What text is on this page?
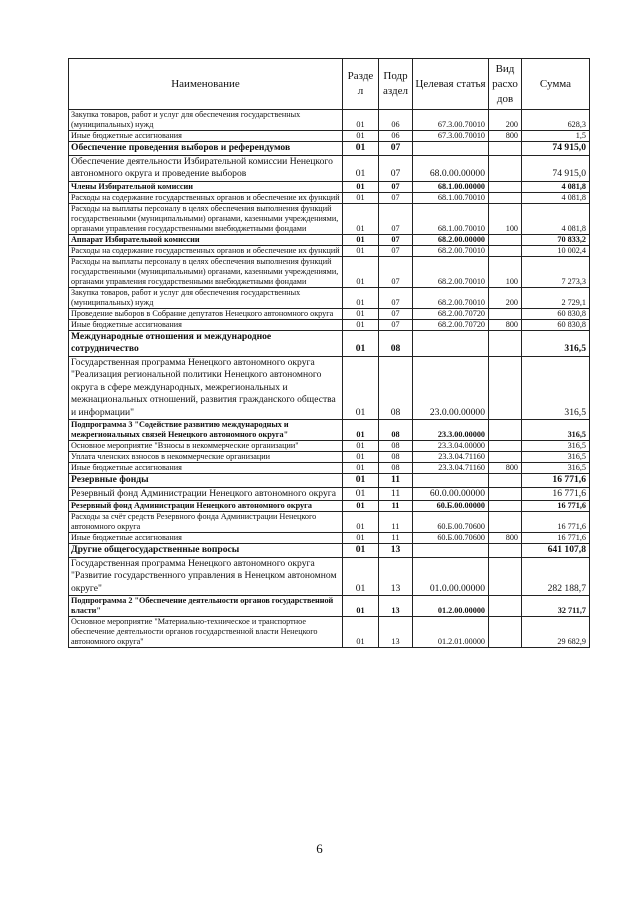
Наименование	Разде л	Подр аздел	Целевая статья	Вид расхо дов	Сумма
Закупка товаров, работ и услуг для обеспечения государственных (муниципальных) нужд	01	06	67.3.00.70010	200	628,3
Иные бюджетные ассигнования	01	06	67.3.00.70010	800	1,5
Обеспечение проведения выборов и референдумов	01	07			74 915,0
Обеспечение деятельности Избирательной комиссии Ненецкого автономного округа и проведение выборов	01	07	68.0.00.00000		74 915,0
Члены Избирательной комиссии	01	07	68.1.00.00000		4 081,8
Расходы на содержание государственных органов и обеспечение их функций	01	07	68.1.00.70010		4 081,8
Расходы на выплаты персоналу в целях обеспечения выполнения функций государственными (муниципальными) органами, казенными учреждениями, органами управления государственными внебюджетными фондами	01	07	68.1.00.70010	100	4 081,8
Аппарат Избирательной комиссии	01	07	68.2.00.00000		70 833,2
Расходы на содержание государственных органов и обеспечение их функций	01	07	68.2.00.70010		10 002,4
Расходы на выплаты персоналу в целях обеспечения выполнения функций государственными (муниципальными) органами, казенными учреждениями, органами управления государственными внебюджетными фондами	01	07	68.2.00.70010	100	7 273,3
Закупка товаров, работ и услуг для обеспечения государственных (муниципальных) нужд	01	07	68.2.00.70010	200	2 729,1
Проведение выборов в Собрание депутатов Ненецкого автономного округа	01	07	68.2.00.70720		60 830,8
Иные бюджетные ассигнования	01	07	68.2.00.70720	800	60 830,8
Международные отношения и международное сотрудничество	01	08			316,5
Государственная программа Ненецкого автономного округа "Реализация региональной политики Ненецкого автономного округа в сфере международных, межрегиональных и межнациональных отношений, развития гражданского общества и информации"	01	08	23.0.00.00000		316,5
Подпрограмма 3 "Содействие развитию международных и межрегиональных связей Ненецкого автономного округа"	01	08	23.3.00.00000		316,5
Основное мероприятие "Взносы в некоммерческие организации"	01	08	23.3.04.00000		316,5
Уплата членских взносов в некоммерческие организации	01	08	23.3.04.71160		316,5
Иные бюджетные ассигнования	01	08	23.3.04.71160	800	316,5
Резервные фонды	01	11			16 771,6
Резервный фонд Администрации Ненецкого автономного округа	01	11	60.0.00.00000		16 771,6
Резервный фонд Администрации Ненецкого автономного округа	01	11	60.Б.00.00000		16 771,6
Расходы за счёт средств Резервного фонда Администрации Ненецкого автономного округа	01	11	60.Б.00.70600		16 771,6
Иные бюджетные ассигнования	01	11	60.Б.00.70600	800	16 771,6
Другие общегосударственные вопросы	01	13			641 107,8
Государственная программа Ненецкого автономного округа "Развитие государственного управления в Ненецком автономном округе"	01	13	01.0.00.00000		282 188,7
Подпрограмма 2 "Обеспечение деятельности органов государственной власти"	01	13	01.2.00.00000		32 711,7
Основное мероприятие "Материально-техническое и транспортное обеспечение деятельности органов государственной власти Ненецкого автономного округа"	01	13	01.2.01.00000		29 682,9
6
